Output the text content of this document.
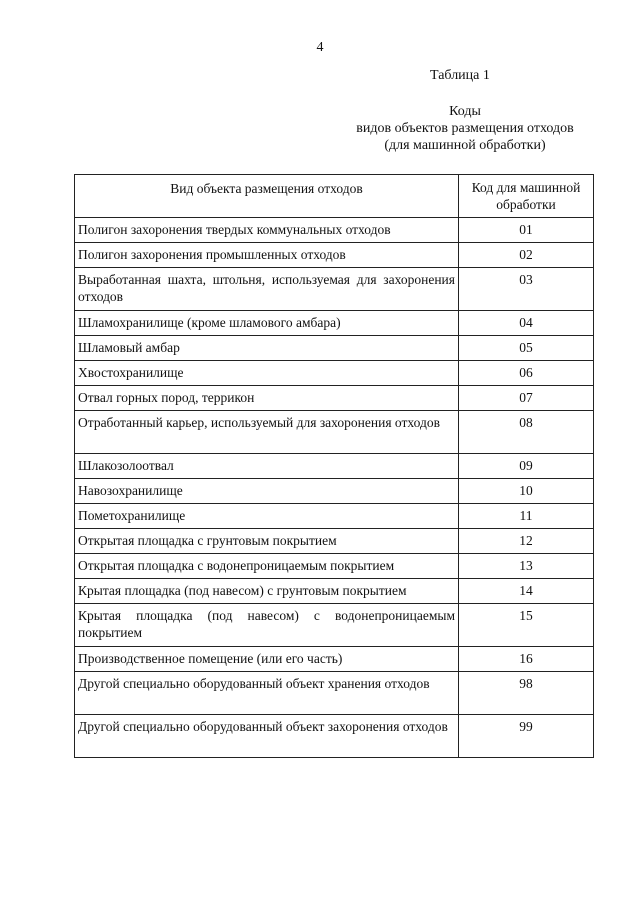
4
Таблица 1
Коды
видов объектов размещения отходов
(для машинной обработки)
Вид объекта размещения отходов	Код для машинной обработки
Полигон захоронения твердых коммунальных отходов	01
Полигон захоронения промышленных отходов	02
Выработанная шахта, штольня, используемая для захоронения отходов	03
Шламохранилище (кроме шламового амбара)	04
Шламовый амбар	05
Хвостохранилище	06
Отвал горных пород, террикон	07
Отработанный карьер, используемый для захоронения отходов	08
Шлакозолоотвал	09
Навозохранилище	10
Пометохранилище	11
Открытая площадка с грунтовым покрытием	12
Открытая площадка с водонепроницаемым покрытием	13
Крытая площадка (под навесом) с грунтовым покрытием	14
Крытая площадка (под навесом) с водонепроницаемым покрытием	15
Производственное помещение (или его часть)	16
Другой специально оборудованный объект хранения отходов	98
Другой специально оборудованный объект захоронения отходов	99
